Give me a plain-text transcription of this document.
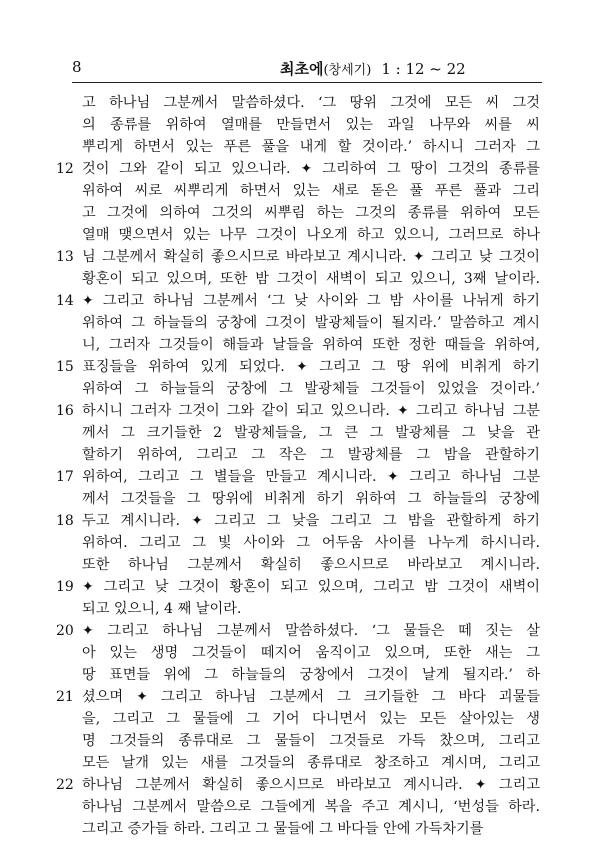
8	최초에(창세기) 1 : 12 ~ 22
고 하나님 그분께서 말씀하셨다. ‘그 땅위 그것에 모든 씨 그것
의 종류를 위하여 열매를 만들면서 있는 과일 나무와 씨를 씨
뿌리게 하면서 있는 푸른 풀을 내게 할 것이라.’ 하시니 그러자 그
12 것이 그와 같이 되고 있으니라. ✦ 그리하여 그 땅이 그것의 종류를
위하여 씨로 씨뿌리게 하면서 있는 새로 돋은 풀 푸른 풀과 그리
고 그것에 의하여 그것의 씨뿌림 하는 그것의 종류를 위하여 모든
열매 맺으면서 있는 나무 그것이 나오게 하고 있으니, 그러므로 하나
13 님 그분께서 확실히 좋으시므로 바라보고 계시니라. ✦ 그리고 낮 그것이
황혼이 되고 있으며, 또한 밤 그것이 새벽이 되고 있으니, 3째 날이라.
14 ✦ 그리고 하나님 그분께서 ‘그 낮 사이와 그 밤 사이를 나뉘게 하기
위하여 그 하늘들의 궁창에 그것이 발광체들이 될지라.’ 말씀하고 계시
니, 그러자 그것들이 해들과 날들을 위하여 또한 정한 때들을 위하여,
15 표징들을 위하여 있게 되었다. ✦ 그리고 그 땅 위에 비취게 하기
위하여 그 하늘들의 궁창에 그 발광체들 그것들이 있었을 것이라.’
16 하시니 그러자 그것이 그와 같이 되고 있으니라. ✦ 그리고 하나님 그분
께서 그 크기들한 2 발광체들을, 그 큰 그 발광체를 그 낮을 관
할하기 위하여, 그리고 그 작은 그 발광체를 그 밤을 관할하기
17 위하여, 그리고 그 별들을 만들고 계시니라. ✦ 그리고 하나님 그분
께서 그것들을 그 땅위에 비취게 하기 위하여 그 하늘들의 궁창에
18 두고 계시니라. ✦ 그리고 그 낮을 그리고 그 밤을 관할하게 하기
위하여. 그리고 그 빛 사이와 그 어두움 사이를 나누게 하시니라.
또한 하나님 그분께서 확실히 좋으시므로 바라보고 계시니라.
19 ✦ 그리고 낮 그것이 황혼이 되고 있으며, 그리고 밤 그것이 새벽이
되고 있으니, 4 째 날이라.
20 ✦ 그리고 하나님 그분께서 말씀하셨다. ‘그 물들은 떼 짓는 살
아 있는 생명 그것들이 떼지어 움직이고 있으며, 또한 새는 그
땅 표면들 위에 그 하늘들의 궁창에서 그것이 날게 될지라.’ 하
21 셨으며 ✦ 그리고 하나님 그분께서 그 크기들한 그 바다 괴물들
을, 그리고 그 물들에 그 기어 다니면서 있는 모든 살아있는 생
명 그것들의 종류대로 그 물들이 그것들로 가득 찼으며, 그리고
모든 날개 있는 새를 그것들의 종류대로 창조하고 계시며, 그리고
22 하나님 그분께서 확실히 좋으시므로 바라보고 계시니라. ✦ 그리고
하나님 그분께서 말씀으로 그들에게 복을 주고 계시니, ‘번성들 하라.
그리고 증가들 하라. 그리고 그 물들에 그 바다들 안에 가득차기를
